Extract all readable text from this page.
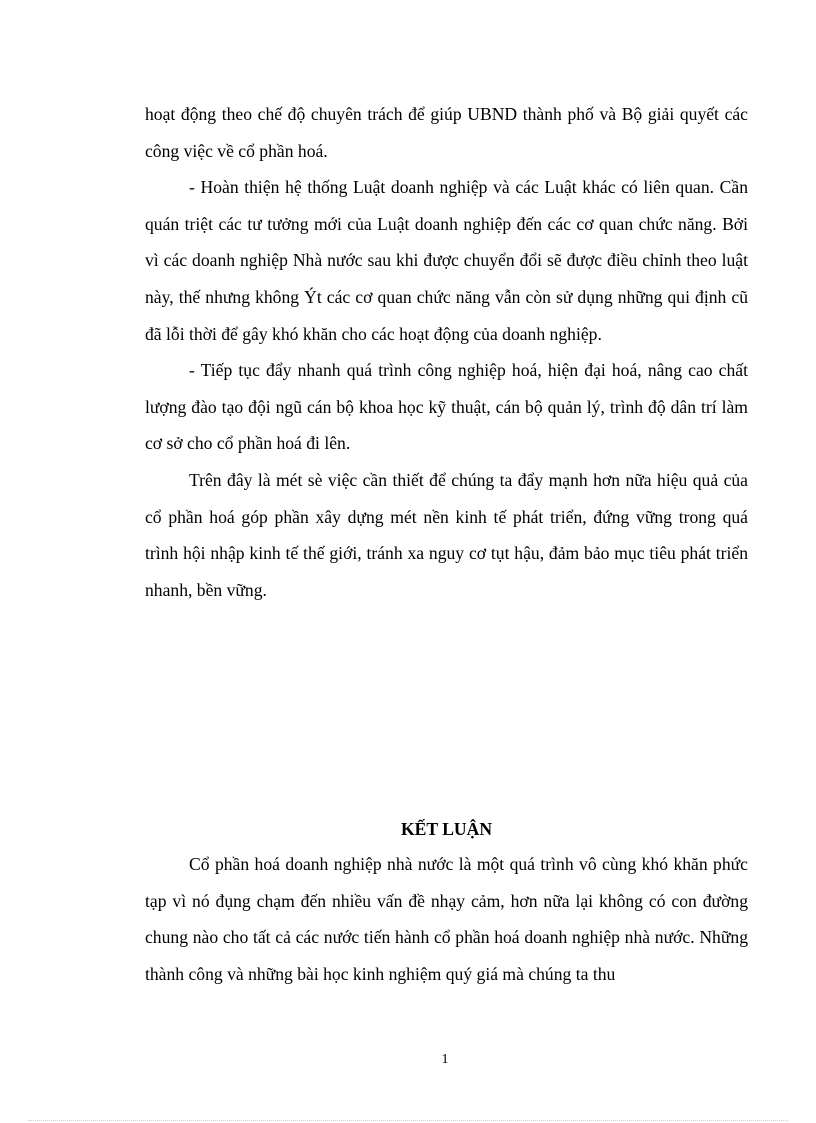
hoạt động theo chế độ chuyên trách để giúp UBND thành phố và Bộ giải quyết các công việc về cổ phần hoá.

- Hoàn thiện hệ thống Luật doanh nghiệp và các Luật khác có liên quan. Cần quán triệt các tư tưởng mới của Luật doanh nghiệp đến các cơ quan chức năng. Bởi vì các doanh nghiệp Nhà nước sau khi được chuyển đổi sẽ được điều chỉnh theo luật này, thế nhưng không Ýt các cơ quan chức năng vẫn còn sử dụng những qui định cũ đã lỗi thời để gây khó khăn cho các hoạt động của doanh nghiệp.

- Tiếp tục đẩy nhanh quá trình công nghiệp hoá, hiện đại hoá, nâng cao chất lượng đào tạo đội ngũ cán bộ khoa học kỹ thuật, cán bộ quản lý, trình độ dân trí làm cơ sở cho cổ phần hoá đi lên.

Trên đây là mét sè việc cần thiết để chúng ta đẩy mạnh hơn nữa hiệu quả của cổ phần hoá góp phần xây dựng mét nền kinh tế phát triển, đứng vững trong quá trình hội nhập kinh tế thế giới, tránh xa nguy cơ tụt hậu, đảm bảo mục tiêu phát triển nhanh, bền vững.

KẾT LUẬN

Cổ phần hoá doanh nghiệp nhà nước là một quá trình vô cùng khó khăn phức tạp vì nó đụng chạm đến nhiều vấn đề nhạy cảm, hơn nữa lại không có con đường chung nào cho tất cả các nước tiến hành cổ phần hoá doanh nghiệp nhà nước. Những thành công và những bài học kinh nghiệm quý giá mà chúng ta thu

1
